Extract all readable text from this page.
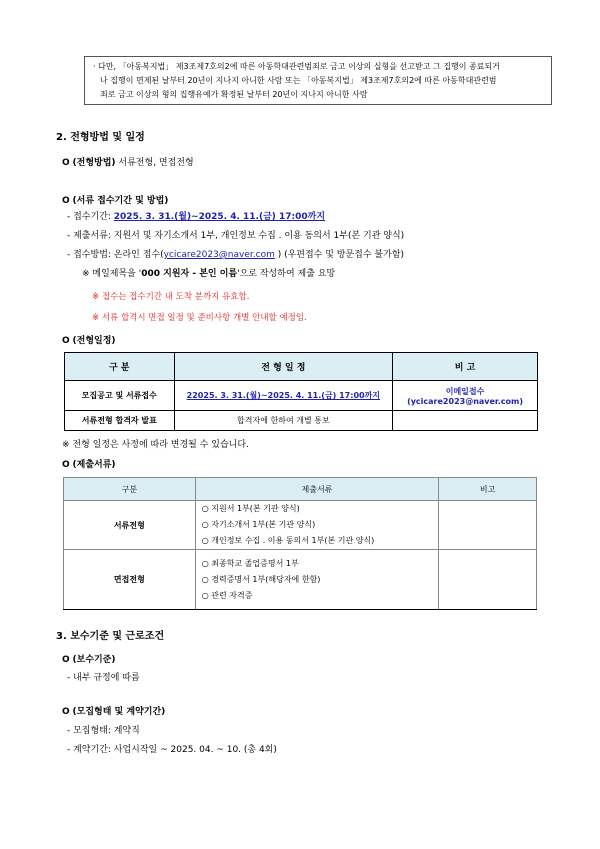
· 다만, 「아동복지법」 제3조제7호의2에 따른 아동학대관련범죄로 금고 이상의 실형을 선고받고 그 집행이 종료되거
나 집행이 면제된 날부터 20년이 지나지 아니한 사람 또는 「아동복지법」 제3조제7호의2에 따른 아동학대관련범
죄로 금고 이상의 형의 집행유예가 확정된 날부터 20년이 지나지 아니한 사람
2. 전형방법 및 일정
O (전형방법) 서류전형, 면접전형
O (서류 접수기간 및 방법)
- 접수기간: 2025. 3. 31.(월)~2025. 4. 11.(금) 17:00까지
- 제출서류: 지원서 및 자기소개서 1부, 개인정보 수집 . 이용 동의서 1부(본 기관 양식)
- 접수방법: 온라인 접수(ycicare2023@naver.com ) (우편접수 및 방문접수 불가함)
※ 메일제목을 '000 지원자 - 본인 이름'으로 작성하여 제출 요망
※ 접수는 접수기간 내 도착 분까지 유효함.
※ 서류 합격시 면접 일정 및 준비사항 개별 안내할 예정임.
O (전형일정)
구 분	전 형 일 정	비 고
모집공고 및 서류접수	22025. 3. 31.(월)~2025. 4. 11.(금) 17:00까지	이메일접수
(ycicare2023@naver.com)

서류전형 합격자 발표	합격자에 한하여 개별 통보	
※ 전형 일정은 사정에 따라 변경될 수 있습니다.
O (제출서류)
구분	제출서류	비고
서류전형	○ 지원서 1부(본 기관 양식)
○ 자기소개서 1부(본 기관 양식)
○ 개인정보 수집 . 이용 동의서 1부(본 기관 양식)	

면접전형	○ 최종학교 졸업증명서 1부
○ 경력증명서 1부(해당자에 한함)
○ 관련 자격증	

3. 보수기준 및 근로조건
O (보수기준)
- 내부 규정에 따름
O (모집형태 및 계약기간)
- 모집형태: 계약직
- 계약기간: 사업시작일 ~ 2025. 04. ~ 10. (총 4회)
